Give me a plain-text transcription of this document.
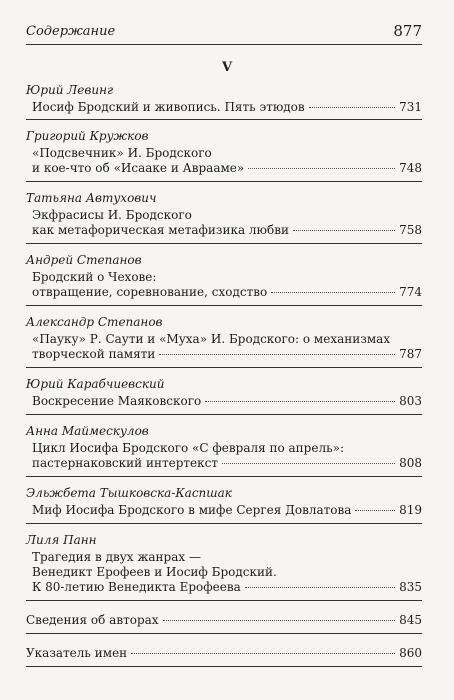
Содержание	877
V
Юрий Левинг
Иосиф Бродский и живопись. Пять этюдов	731
Григорий Кружков
«Подсвечник» И. Бродского
и кое-что об «Исааке и Аврааме»	748
Татьяна Автухович
Экфрасисы И. Бродского
как метафорическая метафизика любви	758
Андрей Степанов
Бродский о Чехове:
отвращение, соревнование, сходство	774
Александр Степанов
«Пауку» Р. Саути и «Муха» И. Бродского: о механизмах
творческой памяти	787
Юрий Карабчиевский
Воскресение Маяковского	803
Анна Маймескулов
Цикл Иосифа Бродского «С февраля по апрель»:
пастернаковский интертекст	808
Эльжбета Тышковска-Каспшак
Миф Иосифа Бродского в мифе Сергея Довлатова	819
Лиля Панн
Трагедия в двух жанрах —
Венедикт Ерофеев и Иосиф Бродский.
К 80-летию Венедикта Ерофеева	835
Сведения об авторах	845
Указатель имен	860
